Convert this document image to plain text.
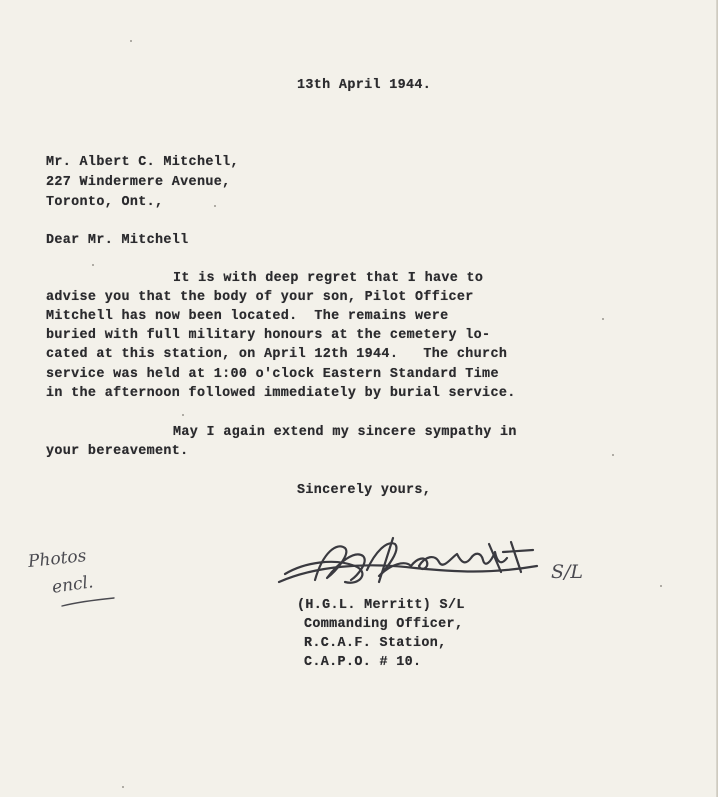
13th April 1944.
Mr. Albert C. Mitchell,
227 Windermere Avenue,
Toronto, Ont.,
Dear Mr. Mitchell
It is with deep regret that I have to
advise you that the body of your son, Pilot Officer
Mitchell has now been located.  The remains were
buried with full military honours at the cemetery lo-
cated at this station, on April 12th 1944.   The church
service was held at 1:00 o'clock Eastern Standard Time
in the afternoon followed immediately by burial service.
May I again extend my sincere sympathy in
your bereavement.
Sincerely yours,
S/L
(H.G.L. Merritt) S/L
Commanding Officer,
R.C.A.F. Station,
C.A.P.O. # 10.
Photos
encl.
